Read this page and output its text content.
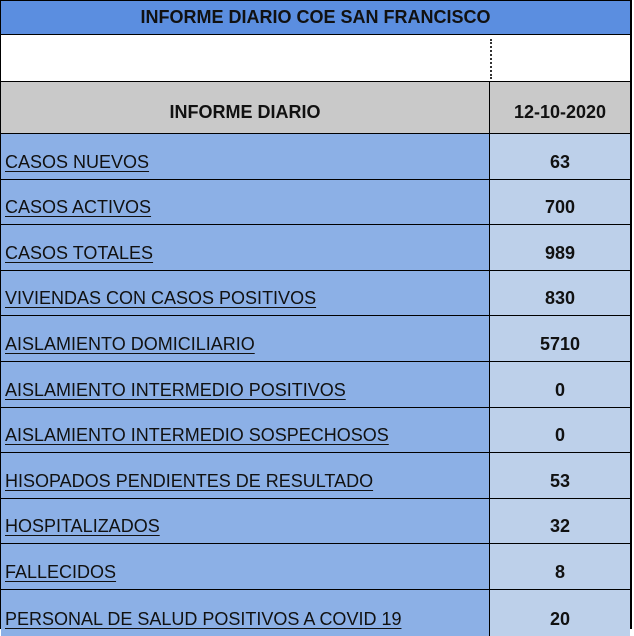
INFORME DIARIO COE SAN FRANCISCO
INFORME DIARIO	12-10-2020
CASOS NUEVOS	63
CASOS ACTIVOS	700
CASOS TOTALES	989
VIVIENDAS CON CASOS POSITIVOS	830
AISLAMIENTO DOMICILIARIO	5710
AISLAMIENTO INTERMEDIO POSITIVOS	0
AISLAMIENTO INTERMEDIO SOSPECHOSOS	0
HISOPADOS PENDIENTES DE RESULTADO	53
HOSPITALIZADOS	32
FALLECIDOS	8
PERSONAL DE SALUD POSITIVOS A COVID 19	20
